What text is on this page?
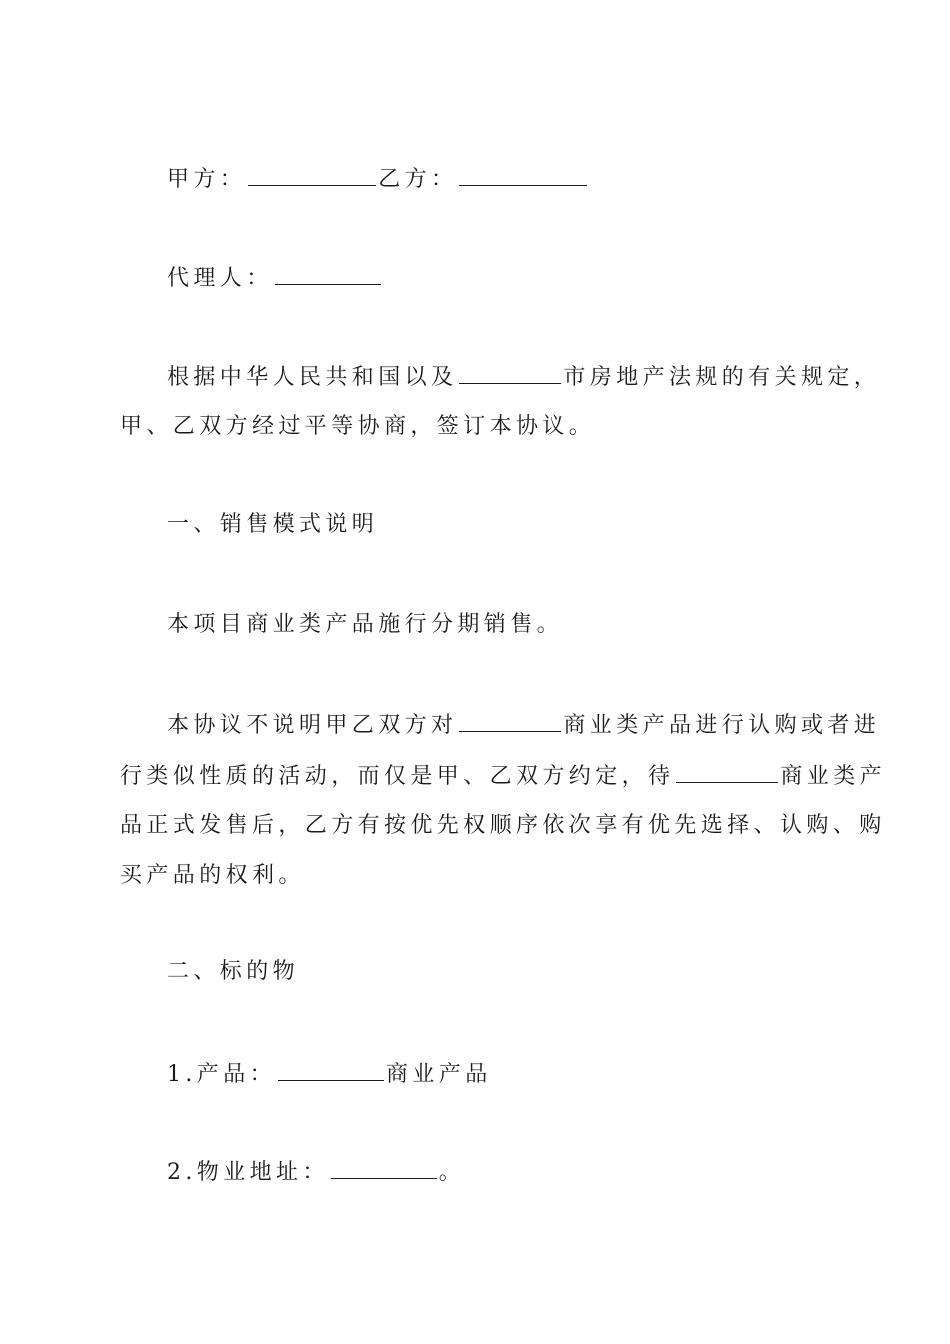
甲方：	乙方：
代理人：
根据中华人民共和国以及	市房地产法规的有关规定，
甲、乙双方经过平等协商，签订本协议。
一、销售模式说明
本项目商业类产品施行分期销售。
本协议不说明甲乙双方对	商业类产品进行认购或者进
行类似性质的活动，而仅是甲、乙双方约定，待	商业类产
品正式发售后，乙方有按优先权顺序依次享有优先选择、认购、购
买产品的权利。
二、标的物
1.产品：	商业产品
2.物业地址：	。
